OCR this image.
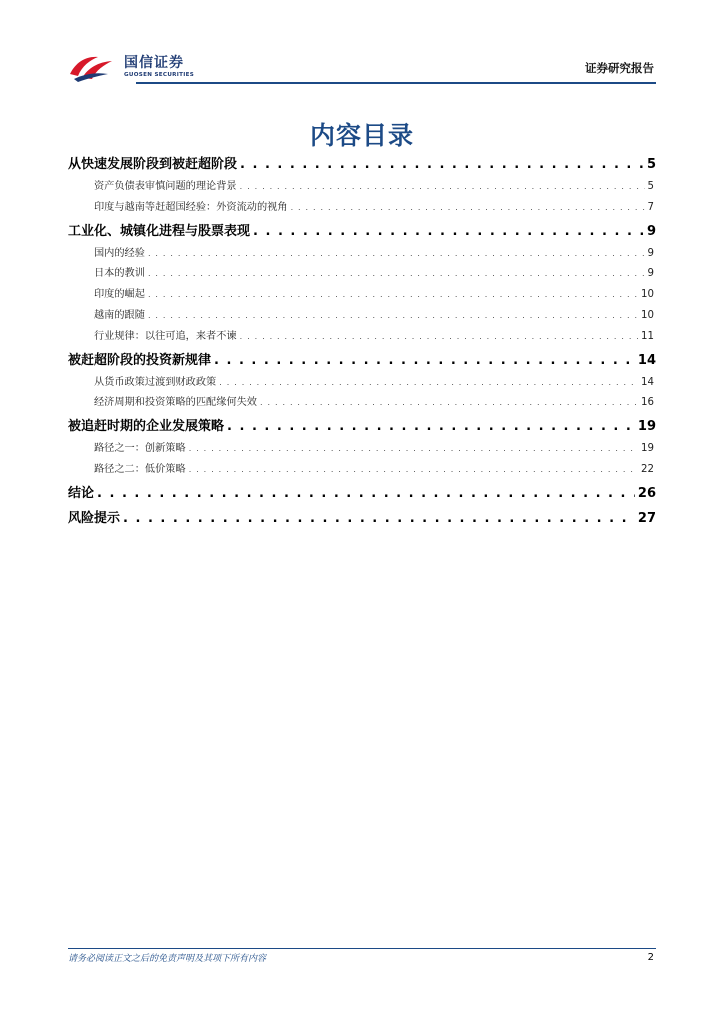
国信证券
GUOSEN SECURITIES	证券研究报告
内容目录
从快速发展阶段到被赶超阶段 . . .	5
资产负债表审慎问题的理论背景 . . .	5
印度与越南等赶超国经验：外资流动的视角 . . .	7
工业化、城镇化进程与股票表现 . . .	9
国内的经验 . . .	9
日本的教训 . . .	9
印度的崛起 . . .	10
越南的跟随 . . .	10
行业规律：以往可追，来者不谏 . . .	11
被赶超阶段的投资新规律 . . .	14
从货币政策过渡到财政政策 . . .	14
经济周期和投资策略的匹配缘何失效 . . .	16
被追赶时期的企业发展策略 . . .	19
路径之一：创新策略 . . .	19
路径之二：低价策略 . . .	22
结论 . . .	26
风险提示 . . .	27
请务必阅读正文之后的免责声明及其项下所有内容	2
